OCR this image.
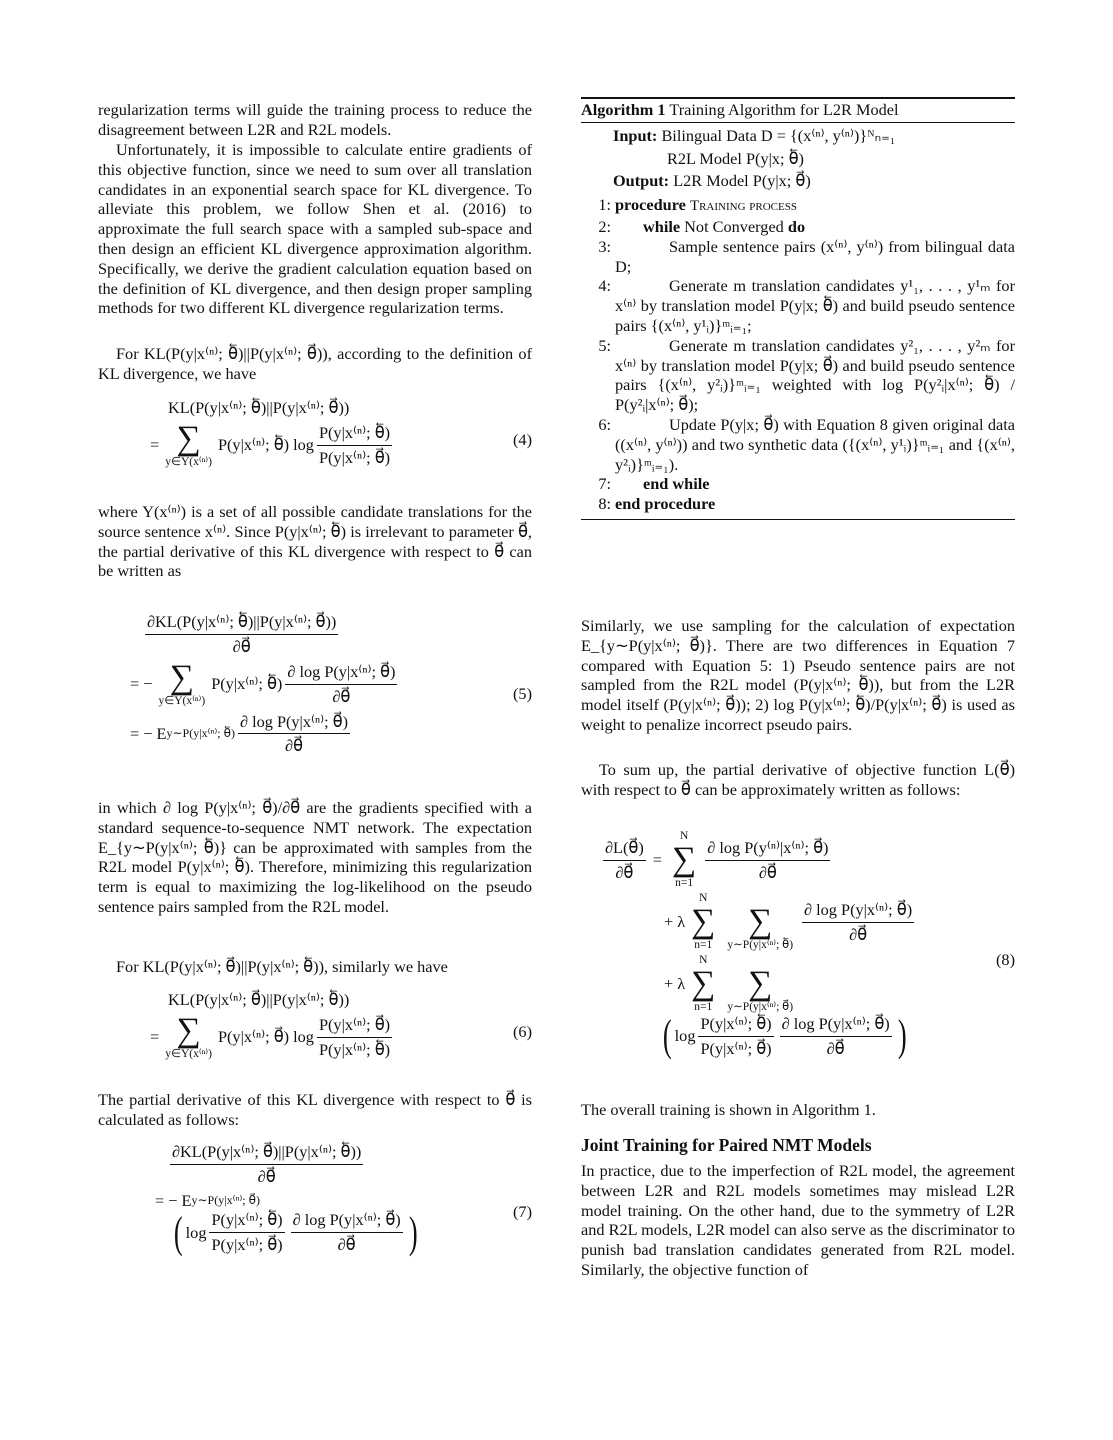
regularization terms will guide the training process to reduce the disagreement between L2R and R2L models.
Unfortunately, it is impossible to calculate entire gradients of this objective function, since we need to sum over all translation candidates in an exponential search space for KL divergence. To alleviate this problem, we follow Shen et al. (2016) to approximate the full search space with a sampled sub-space and then design an efficient KL divergence approximation algorithm. Specifically, we derive the gradient calculation equation based on the definition of KL divergence, and then design proper sampling methods for two different KL divergence regularization terms.
For KL(P(y|x⁽ⁿ⁾; θ⃖)||P(y|x⁽ⁿ⁾; θ⃗)), according to the definition of KL divergence, we have
KL(P(y|x⁽ⁿ⁾; θ⃖)||P(y|x⁽ⁿ⁾; θ⃗))
= ∑
y∈Y(x⁽ⁿ⁾)
P(y|x⁽ⁿ⁾; θ⃖) $\log \frac{\text{P(y|x⁽ⁿ⁾; θ⃖)}}{\text{P(y|x⁽ⁿ⁾; θ⃗)}}$	(4)
where Y(x⁽ⁿ⁾) is a set of all possible candidate translations for the source sentence x⁽ⁿ⁾. Since P(y|x⁽ⁿ⁾; θ⃖) is irrelevant to parameter θ⃗, the partial derivative of this KL divergence with respect to θ⃗ can be written as
$\frac{\text{∂KL(P(y|x⁽ⁿ⁾; θ⃖)||P(y|x⁽ⁿ⁾; θ⃗))}}{\partial\theta⃗}$
= − ∑
y∈Y(x⁽ⁿ⁾)
P(y|x⁽ⁿ⁾; θ⃖) $\frac{\text{∂ log P(y|x⁽ⁿ⁾; θ⃗)}}{\partial\theta⃗}$
= −
E y∼P(y|x⁽ⁿ⁾; θ⃖) $\frac{\text{∂ log P(y|x⁽ⁿ⁾; θ⃗)}}{\partial\theta⃗}$
(5)
in which ∂ log P(y|x⁽ⁿ⁾; θ⃗)/∂θ⃗ are the gradients specified with a standard sequence-to-sequence NMT network. The expectation E_{y∼P(y|x⁽ⁿ⁾; θ⃖)} can be approximated with samples from the R2L model P(y|x⁽ⁿ⁾; θ⃖). Therefore, minimizing this regularization term is equal to maximizing the log-likelihood on the pseudo sentence pairs sampled from the R2L model.
For KL(P(y|x⁽ⁿ⁾; θ⃗)||P(y|x⁽ⁿ⁾; θ⃖)), similarly we have
KL(P(y|x⁽ⁿ⁾; θ⃗)||P(y|x⁽ⁿ⁾; θ⃖))
= ∑
y∈Y(x⁽ⁿ⁾)
P(y|x⁽ⁿ⁾; θ⃗) $\log \frac{\text{P(y|x⁽ⁿ⁾; θ⃗)}}{\text{P(y|x⁽ⁿ⁾; θ⃖)}}$	(6)
The partial derivative of this KL divergence with respect to θ⃗ is calculated as follows:
$\frac{\text{∂KL(P(y|x⁽ⁿ⁾; θ⃗)||P(y|x⁽ⁿ⁾; θ⃖))}}{\partial\theta⃗}$
= −
E y∼P(y|x⁽ⁿ⁾; θ⃗)
( $\log \frac{\text{P(y|x⁽ⁿ⁾; θ⃖)}}{\text{P(y|x⁽ⁿ⁾; θ⃗)}} \frac{\text{∂ log P(y|x⁽ⁿ⁾; θ⃗)}}{\partial\theta⃗}$ )	(7)
Algorithm 1 Training Algorithm for L2R Model
Input: Bilingual Data D = {(x⁽ⁿ⁾, y⁽ⁿ⁾)}ᴺₙ₌₁
R2L Model P(y|x; θ⃖)
Output: L2R Model P(y|x; θ⃗)
1: procedure Training process
2:	while Not Converged do
3:	Sample sentence pairs (x⁽ⁿ⁾, y⁽ⁿ⁾) from bilingual data D;
4:	Generate m translation candidates y¹₁, . . . , y¹ₘ for x⁽ⁿ⁾ by translation model P(y|x; θ⃖) and build pseudo sentence pairs {(x⁽ⁿ⁾, y¹ᵢ)}ᵐᵢ₌₁;
5:	Generate m translation candidates y²₁, . . . , y²ₘ for x⁽ⁿ⁾ by translation model P(y|x; θ⃗) and build pseudo sentence pairs {(x⁽ⁿ⁾, y²ᵢ)}ᵐᵢ₌₁ weighted with log P(y²ᵢ|x⁽ⁿ⁾; θ⃖) / P(y²ᵢ|x⁽ⁿ⁾; θ⃗);
6:	Update P(y|x; θ⃗) with Equation 8 given original data ((x⁽ⁿ⁾, y⁽ⁿ⁾)) and two synthetic data ({(x⁽ⁿ⁾, y¹ᵢ)}ᵐᵢ₌₁ and {(x⁽ⁿ⁾, y²ᵢ)}ᵐᵢ₌₁).
7:	end while
8: end procedure
Similarly, we use sampling for the calculation of expectation E_{y∼P(y|x⁽ⁿ⁾; θ⃗)}. There are two differences in Equation 7 compared with Equation 5: 1) Pseudo sentence pairs are not sampled from the R2L model (P(y|x⁽ⁿ⁾; θ⃖)), but from the L2R model itself (P(y|x⁽ⁿ⁾; θ⃗)); 2) log P(y|x⁽ⁿ⁾; θ⃖)/P(y|x⁽ⁿ⁾; θ⃗) is used as weight to penalize incorrect pseudo pairs.
To sum up, the partial derivative of objective function L(θ⃗) with respect to θ⃗ can be approximately written as follows:
$\frac{\partial L(\theta⃗)}{\partial\theta⃗}$ =
N
∑
n=1
$\frac{\text{∂ log P(y⁽ⁿ⁾|x⁽ⁿ⁾; θ⃗)}}{\partial\theta⃗}$
+ λ
N
∑
n=1

∑
y∼P(y|x⁽ⁿ⁾; θ⃖)
$\frac{\text{∂ log P(y|x⁽ⁿ⁾; θ⃗)}}{\partial\theta⃗}$
+ λ
N
∑
n=1

∑
y∼P(y|x⁽ⁿ⁾; θ⃗)
( $\log \frac{\text{P(y|x⁽ⁿ⁾; θ⃖)}}{\text{P(y|x⁽ⁿ⁾; θ⃗)}} \frac{\text{∂ log P(y|x⁽ⁿ⁾; θ⃗)}}{\partial\theta⃗}$ )
(8)
The overall training is shown in Algorithm 1.
Joint Training for Paired NMT Models
In practice, due to the imperfection of R2L model, the agreement between L2R and R2L models sometimes may mislead L2R model training. On the other hand, due to the symmetry of L2R and R2L models, L2R model can also serve as the discriminator to punish bad translation candidates generated from R2L model. Similarly, the objective function of
